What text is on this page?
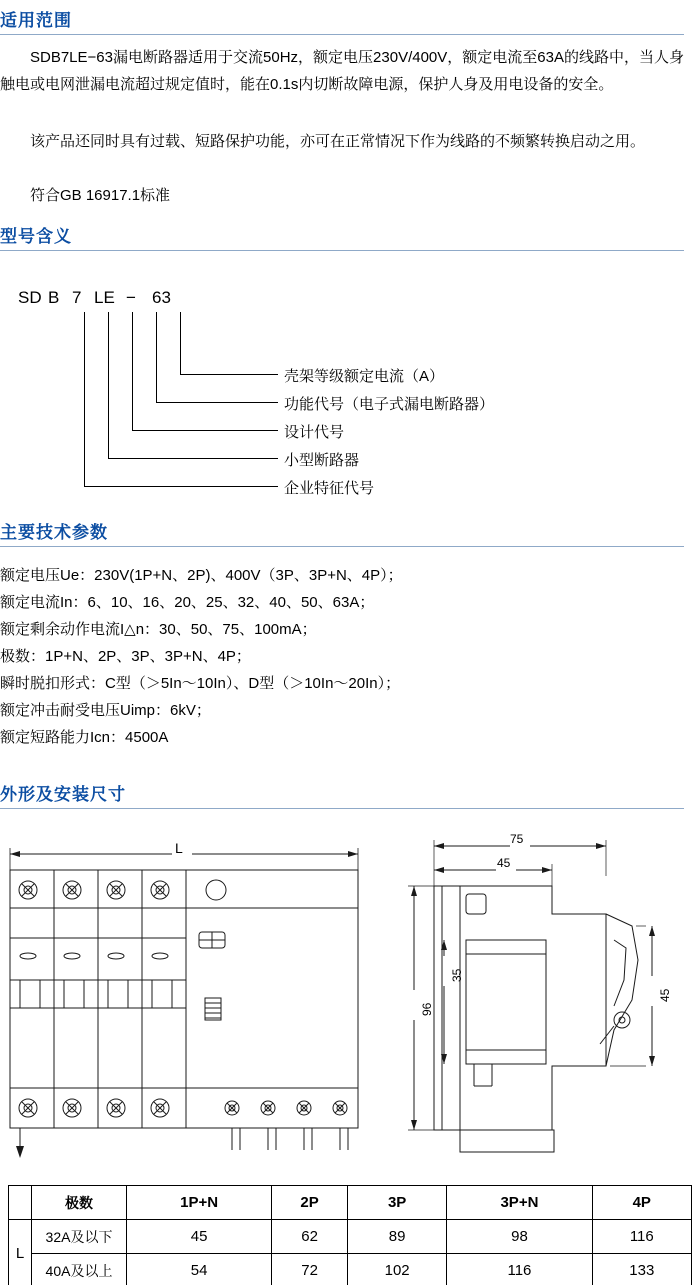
适用范围
SDB7LE−63漏电断路器适用于交流50Hz，额定电压230V/400V，额定电流至63A的线路中，当人身触电或电网泄漏电流超过规定值时，能在0.1s内切断故障电源，保护人身及用电设备的安全。
该产品还同时具有过载、短路保护功能，亦可在正常情况下作为线路的不频繁转换启动之用。
符合GB 16917.1标准
型号含义
SD B 7 LE − 63
壳架等级额定电流（A）
功能代号（电子式漏电断路器）
设计代号
小型断路器
企业特征代号
主要技术参数
额定电压Ue：230V(1P+N、2P)、400V（3P、3P+N、4P）；
额定电流In：6、10、16、20、25、32、40、50、63A；
额定剩余动作电流I△n：30、50、75、100mA；
极数：1P+N、2P、3P、3P+N、4P；
瞬时脱扣形式：C型（＞5In～10In）、D型（＞10In～20In）；
额定冲击耐受电压Uimp：6kV；
额定短路能力Icn：4500A
外形及安装尺寸
L
75
45
96
35
45
	极数	1P+N	2P	3P	3P+N	4P
L	32A及以下	45	62	89	98	116
	40A及以上	54	72	102	116	133
